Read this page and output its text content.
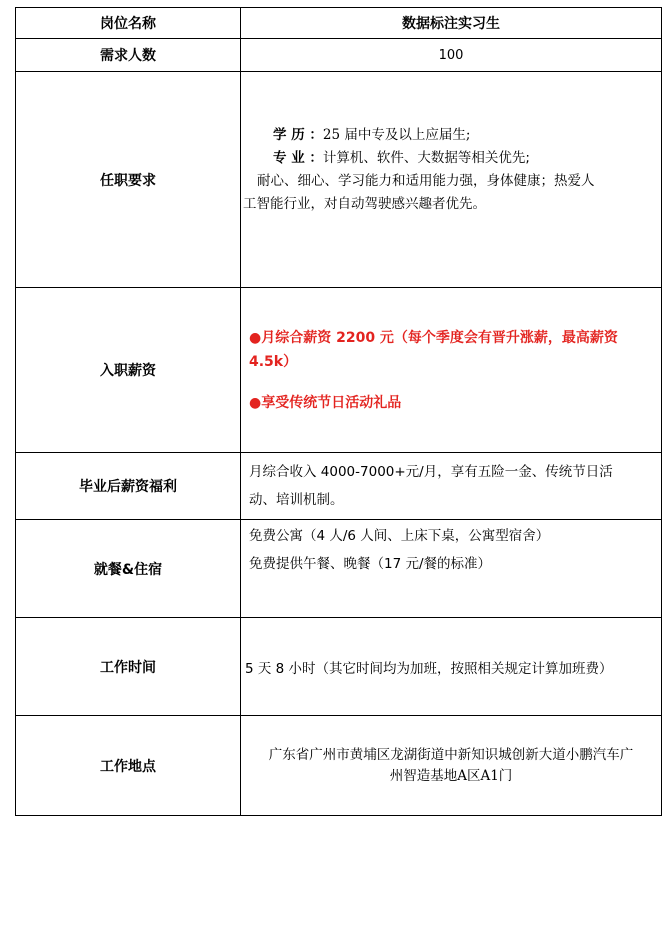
岗位名称	数据标注实习生
需求人数	100
任职要求	学 历 ：25 届中专及以上应届生;
专 业 ：计算机、软件、大数据等相关优先;
耐心、细心、学习能力和适用能力强，身体健康；热爱人
工智能行业，对自动驾驶感兴趣者优先。

入职薪资	●月综合薪资 2200 元（每个季度会有晋升涨薪，最高薪资
4.5k）
●享受传统节日活动礼品

毕业后薪资福利	月综合收入 4000-7000+元/月，享有五险一金、传统节日活
动、培训机制。

就餐&住宿	免费公寓（4 人/6 人间、上床下桌，公寓型宿舍）
免费提供午餐、晚餐（17 元/餐的标准）

工作时间	5 天 8 小时（其它时间均为加班，按照相关规定计算加班费）
工作地点	广东省广州市黄埔区龙湖街道中新知识城创新大道小鹏汽车广
州智造基地A区A1门
